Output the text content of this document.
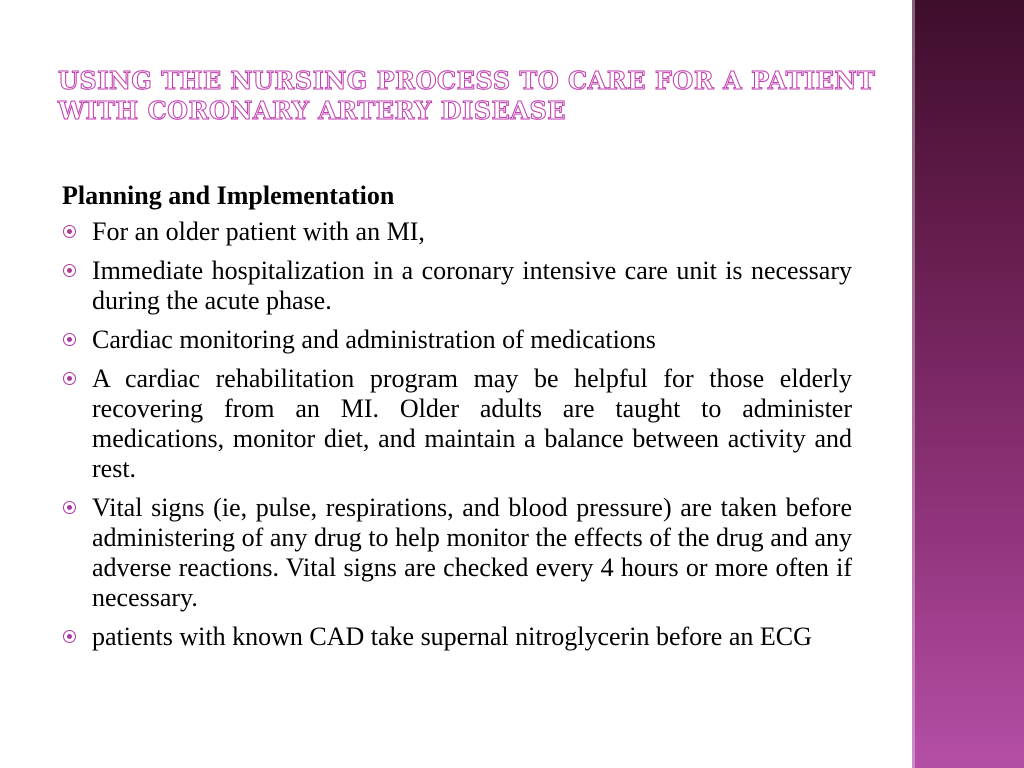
USING THE NURSING PROCESS TO CARE FOR A PATIENT
WITH CORONARY ARTERY DISEASE
Planning and Implementation
For an older patient with an MI,
Immediate hospitalization in a coronary intensive care unit is necessary during the acute phase.
Cardiac monitoring and administration of medications
A cardiac rehabilitation program may be helpful for those elderly recovering from an MI. Older adults are taught to administer medications, monitor diet, and maintain a balance between activity and rest.
Vital signs (ie, pulse, respirations, and blood pressure) are taken before administering of any drug to help monitor the effects of the drug and any adverse reactions. Vital signs are checked every 4 hours or more often if necessary.
patients with known CAD take supernal nitroglycerin before an ECG
